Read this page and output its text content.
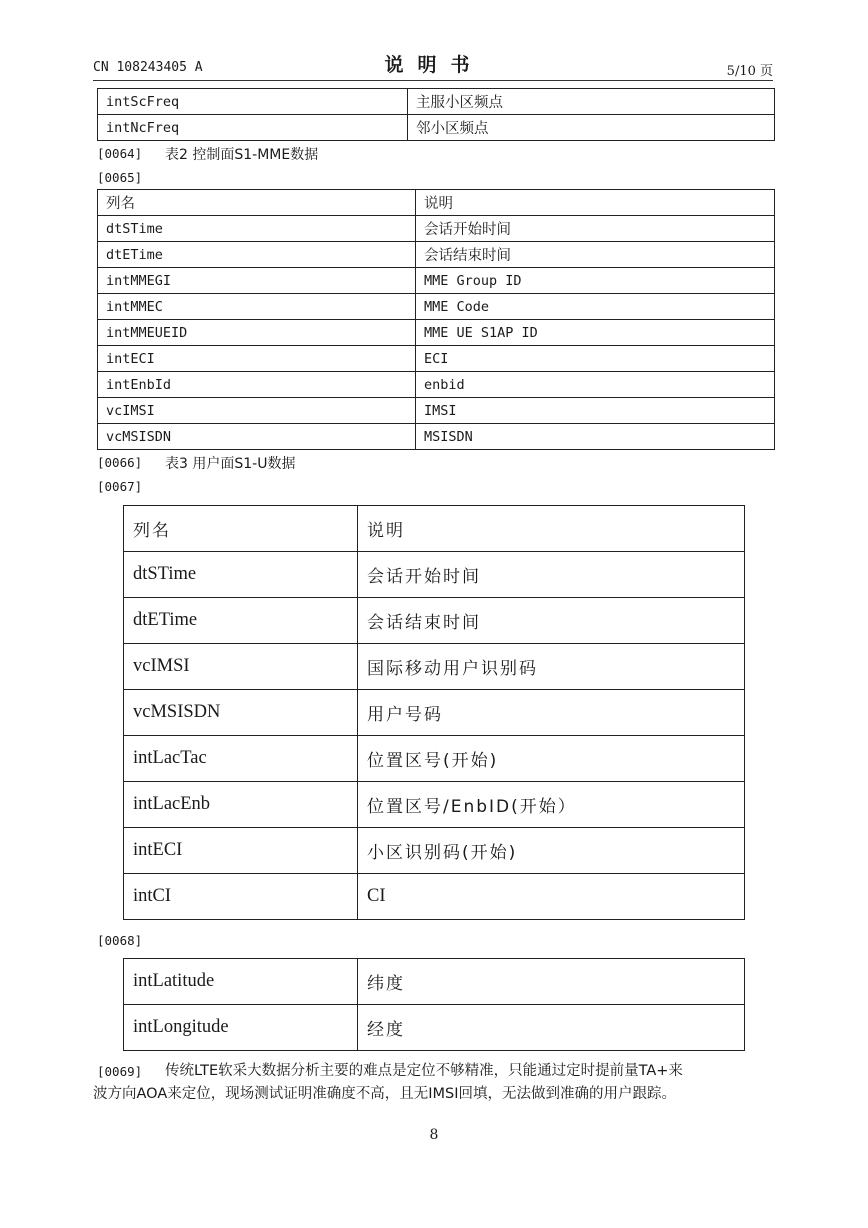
CN 108243405 A	说明书	5/10 页
intScFreq	主服小区频点
intNcFreq	邻小区频点
[0064] 表2 控制面S1-MME数据
[0065]
列名	说明
dtSTime	会话开始时间
dtETime	会话结束时间
intMMEGI	MME Group ID
intMMEC	MME Code
intMMEUEID	MME UE S1AP ID
intECI	ECI
intEnbId	enbid
vcIMSI	IMSI
vcMSISDN	MSISDN
[0066] 表3 用户面S1-U数据
[0067]
列名	说明
dtSTime	会话开始时间
dtETime	会话结束时间
vcIMSI	国际移动用户识别码
vcMSISDN	用户号码
intLacTac	位置区号(开始)
intLacEnb	位置区号/EnbID(开始）
intECI	小区识别码(开始)
intCI	CI
[0068]
intLatitude	纬度
intLongitude	经度
[0069] 传统LTE软采大数据分析主要的难点是定位不够精准，只能通过定时提前量TA+来
波方向AOA来定位，现场测试证明准确度不高，且无IMSI回填，无法做到准确的用户跟踪。
8
